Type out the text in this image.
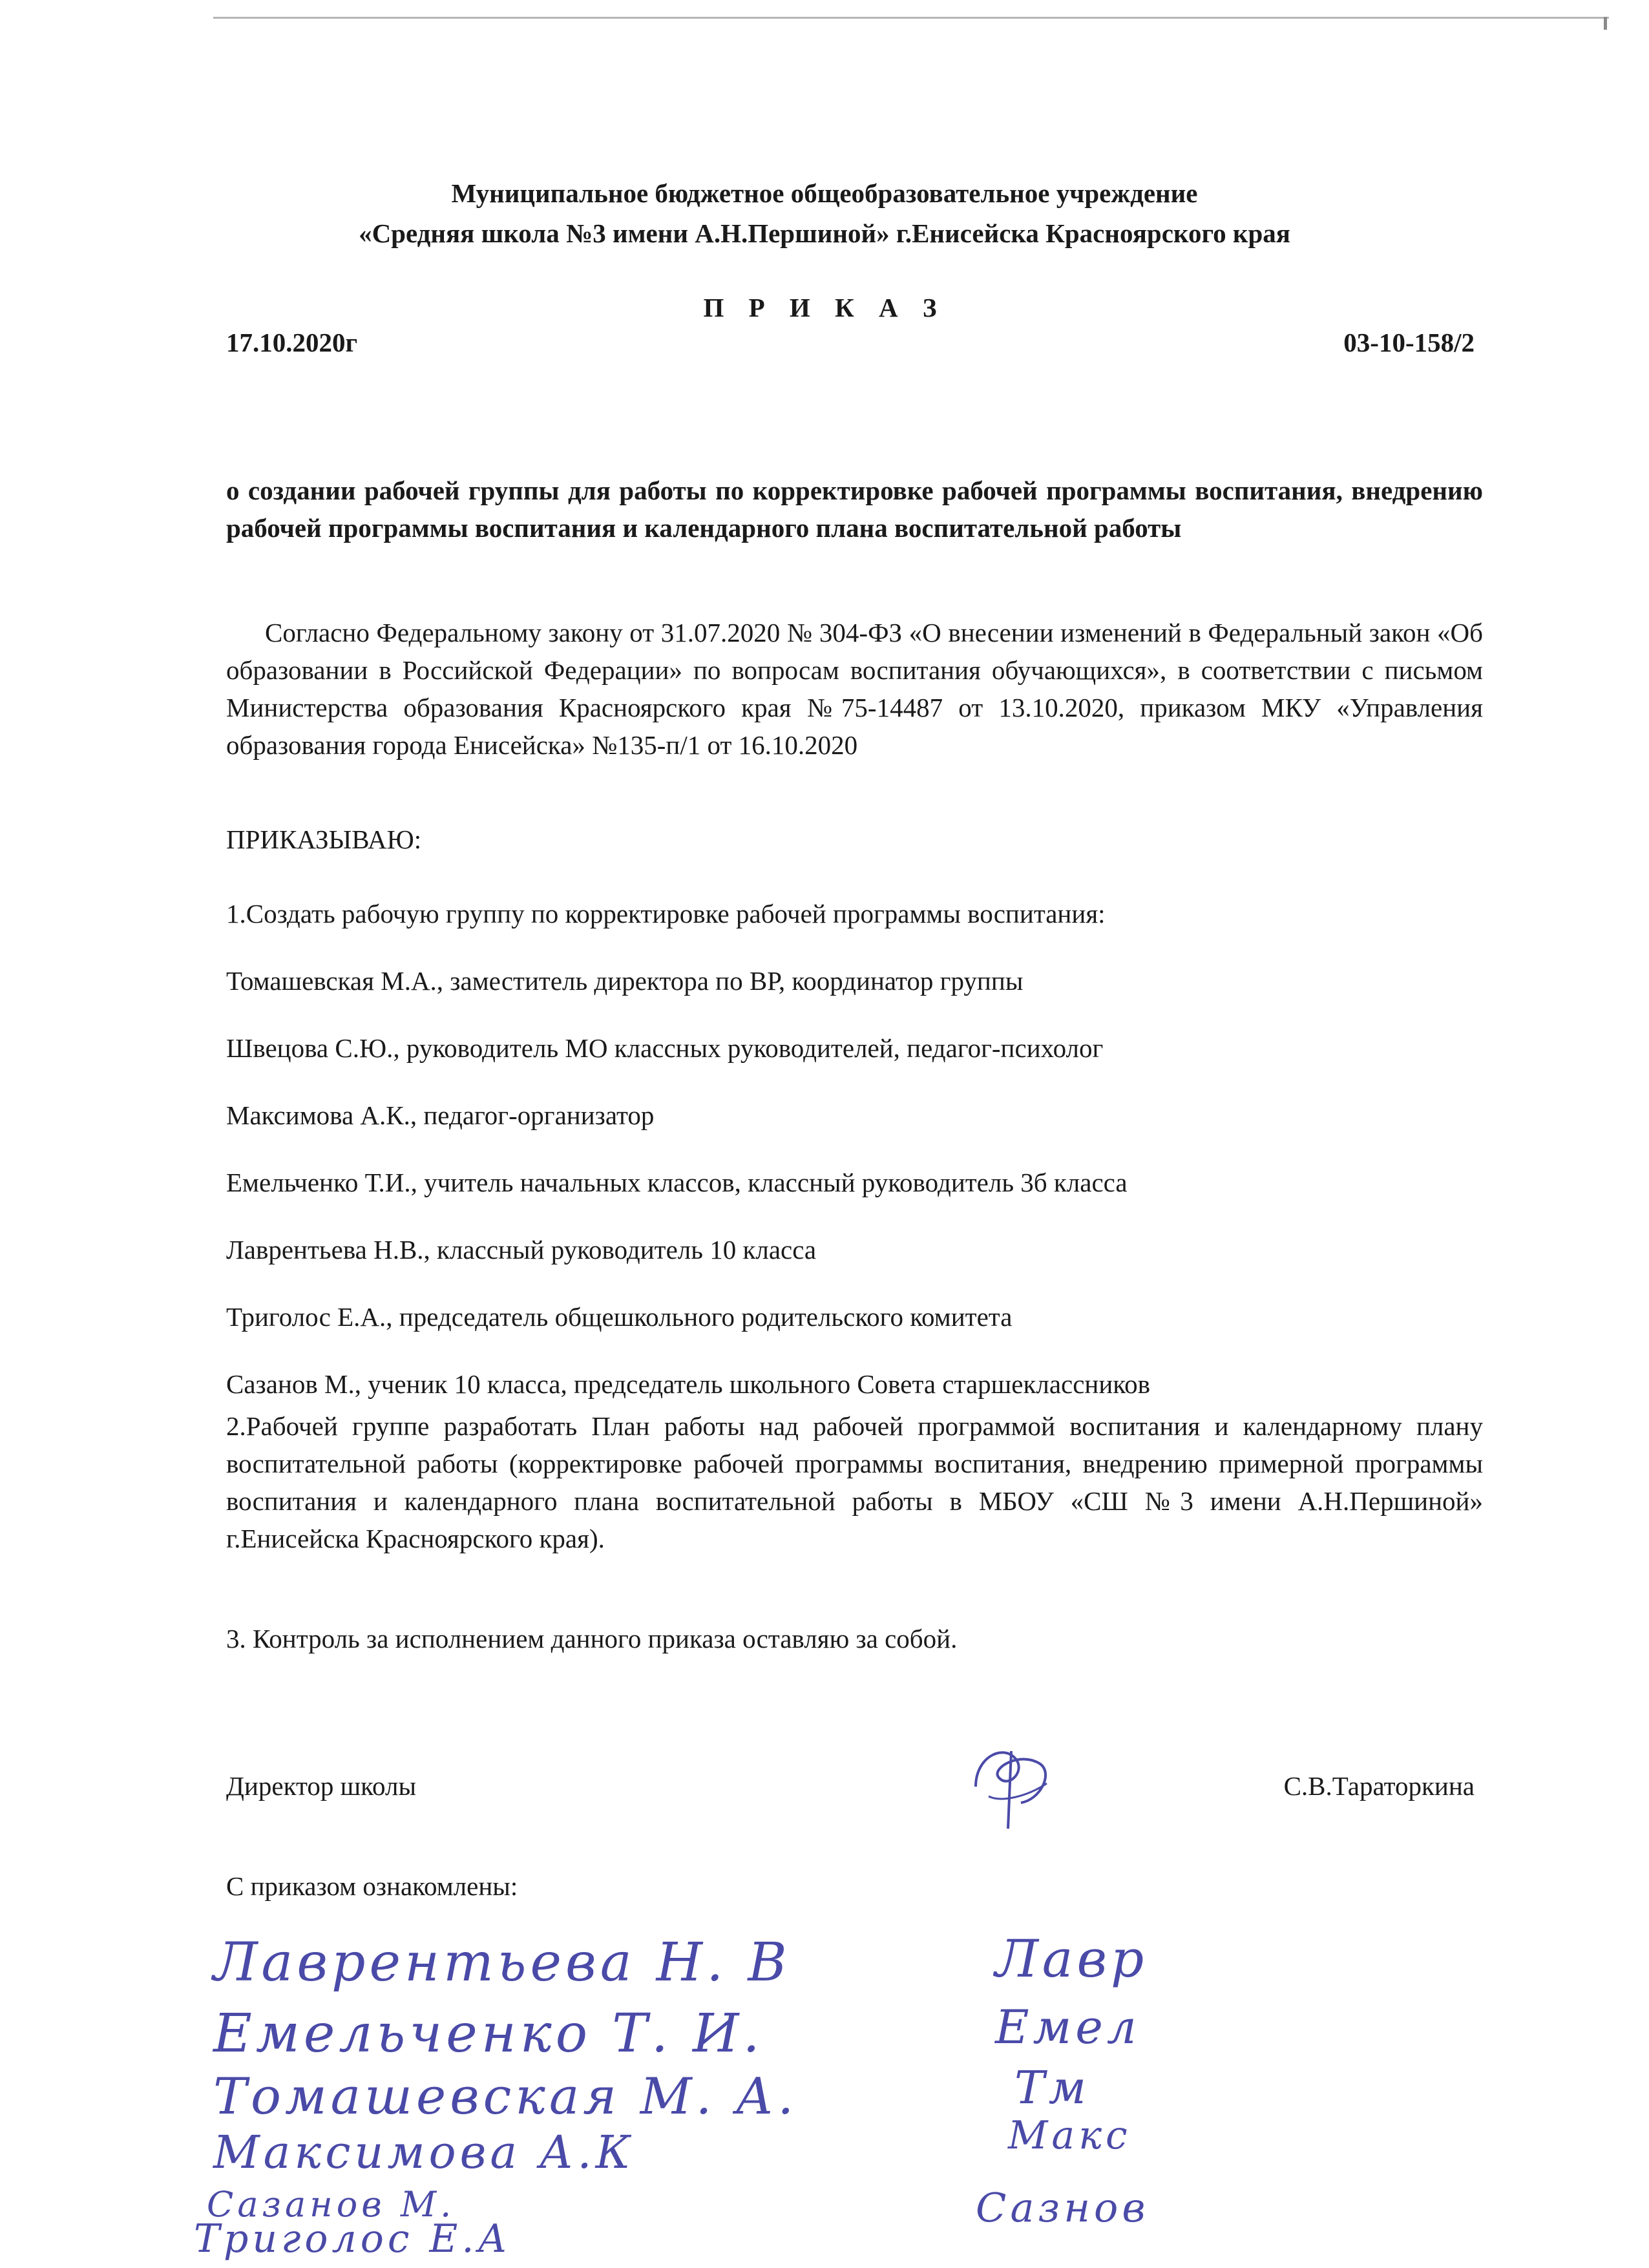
Муниципальное бюджетное общеобразовательное учреждение
«Средняя школа №3 имени А.Н.Першиной» г.Енисейска Красноярского края
П Р И К А З
17.10.2020г	03-10-158/2
о создании рабочей группы для работы по корректировке рабочей программы воспитания, внедрению рабочей программы воспитания и календарного плана воспитательной работы
Согласно Федеральному закону от 31.07.2020 № 304-ФЗ «О внесении изменений в Федеральный закон «Об образовании в Российской Федерации» по вопросам воспитания обучающихся», в соответствии с письмом Министерства образования Красноярского края №75-14487 от 13.10.2020, приказом МКУ «Управления образования города Енисейска» №135-п/1 от 16.10.2020
ПРИКАЗЫВАЮ:
1.Создать рабочую группу по корректировке рабочей программы воспитания:
Томашевская М.А., заместитель директора по ВР, координатор группы
Швецова С.Ю., руководитель МО классных руководителей, педагог-психолог
Максимова А.К., педагог-организатор
Емельченко Т.И., учитель начальных классов, классный руководитель 3б класса
Лаврентьева Н.В., классный руководитель 10 класса
Триголос Е.А., председатель общешкольного родительского комитета
Сазанов М., ученик 10 класса, председатель школьного Совета старшеклассников
2.Рабочей группе разработать План работы над рабочей программой воспитания и календарному плану воспитательной работы (корректировке рабочей программы воспитания, внедрению примерной программы воспитания и календарного плана воспитательной работы в МБОУ «СШ №3 имени А.Н.Першиной» г.Енисейска Красноярского края).
3. Контроль за исполнением данного приказа оставляю за собой.
Директор школы	С.В.Тараторкина
С приказом ознакомлены:
Лаврентьева Н. В
Емельченко Т. И.
Томашевская М. А.
Максимова А.К
Сазанов М.
Триголос Е.А
Лавр
Емел
Тм
Макс
Сазнов
